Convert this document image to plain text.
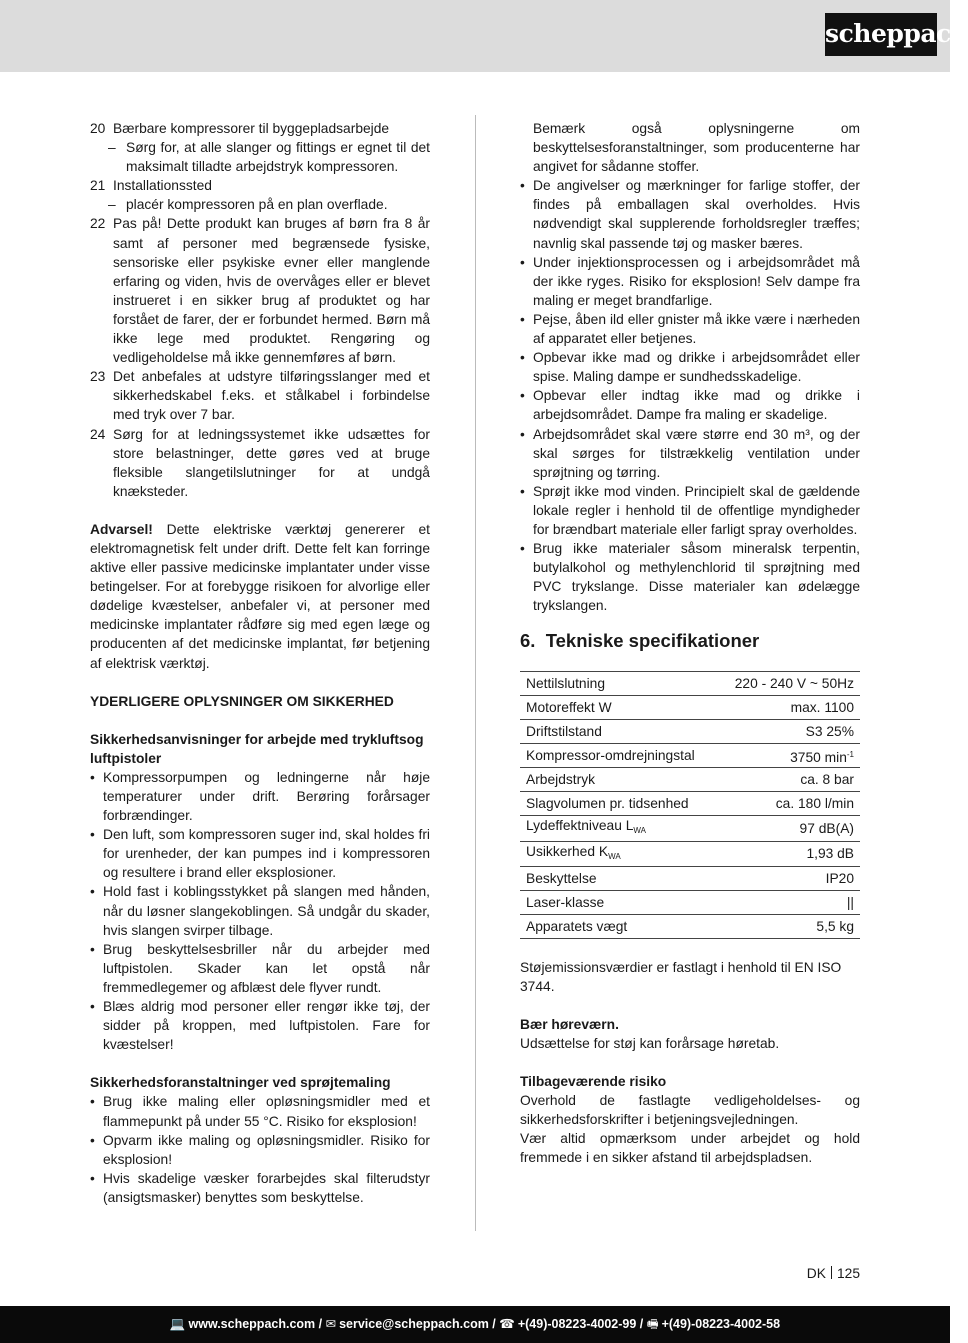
scheppach
20 Bærbare kompressorer til byggepladsarbejde
– Sørg for, at alle slanger og fittings er egnet til det maksimalt tilladte arbejdstryk kompressoren.
21 Installationssted
– placér kompressoren på en plan overflade.
22 Pas på! Dette produkt kan bruges af børn fra 8 år samt af personer med begrænsede fysiske, sensoriske eller psykiske evner eller manglende erfaring og viden, hvis de overvåges eller er blevet instrueret i en sikker brug af produktet og har forstået de farer, der er forbundet hermed. Børn må ikke lege med produktet. Rengøring og vedligeholdelse må ikke gennemføres af børn.
23 Det anbefales at udstyre tilføringsslanger med et sikkerhedskabel f.eks. et stålkabel i forbindelse med tryk over 7 bar.
24 Sørg for at ledningssystemet ikke udsættes for store belastninger, dette gøres ved at bruge fleksible slangetilslutninger for at undgå knæksteder.

Advarsel! Dette elektriske værktøj genererer et elektromagnetisk felt under drift. Dette felt kan forringe aktive eller passive medicinske implantater under visse betingelser. For at forebygge risikoen for alvorlige eller dødelige kvæstelser, anbefaler vi, at personer med medicinske implantater rådføre sig med egen læge og producenten af det medicinske implantat, før betjening af elektrisk værktøj.

YDERLIGERE OPLYSNINGER OM SIKKERHED

Sikkerhedsanvisninger for arbejde med trykluftsog luftpistoler

• Kompressorpumpen og ledningerne når høje temperaturer under drift. Berøring forårsager forbrændinger.
• Den luft, som kompressoren suger ind, skal holdes fri for urenheder, der kan pumpes ind i kompressoren og resultere i brand eller eksplosioner.
• Hold fast i koblingsstykket på slangen med hånden, når du løsner slangekoblingen. Så undgår du skader, hvis slangen svirper tilbage.
• Brug beskyttelsesbriller når du arbejder med luftpistolen. Skader kan let opstå når fremmedlegemer og afblæst dele flyver rundt.
• Blæs aldrig mod personer eller rengør ikke tøj, der sidder på kroppen, med luftpistolen. Fare for kvæstelser!

Sikkerhedsforanstaltninger ved sprøjtemaling

• Brug ikke maling eller opløsningsmidler med et flammepunkt på under 55 °C. Risiko for eksplosion!
• Opvarm ikke maling og opløsningsmidler. Risiko for eksplosion!
• Hvis skadelige væsker forarbejdes skal filterudstyr (ansigtsmasker) benyttes som beskyttelse.

Bemærk også oplysningerne om beskyttelsesforanstaltninger, som producenterne har angivet for sådanne stoffer.

• De angivelser og mærkninger for farlige stoffer, der findes på emballagen skal overholdes. Hvis nødvendigt skal supplerende forholdsregler træffes; navnlig skal passende tøj og masker bæres.
• Under injektionsprocessen og i arbejdsområdet må der ikke ryges. Risiko for eksplosion! Selv dampe fra maling er meget brandfarlige.
• Pejse, åben ild eller gnister må ikke være i nærheden af apparatet eller betjenes.
• Opbevar ikke mad og drikke i arbejdsområdet eller spise. Maling dampe er sundhedsskadelige.
• Opbevar eller indtag ikke mad og drikke i arbejdsområdet. Dampe fra maling er skadelige.
• Arbejdsområdet skal være større end 30 m³, og der skal sørges for tilstrækkelig ventilation under sprøjtning og tørring.
• Sprøjt ikke mod vinden. Principielt skal de gældende lokale regler i henhold til de offentlige myndigheder for brændbart materiale eller farligt spray overholdes.
• Brug ikke materialer såsom mineralsk terpentin, butylalkohol og methylenchlorid til sprøjtning med PVC trykslange. Disse materialer kan ødelægge trykslangen.
6. Tekniske specifikationer
Nettilslutning	220 - 240 V ~ 50Hz
Motoreffekt W	max. 1100
Driftstilstand	S3 25%
Kompressor-omdrejningstal	3750 $\min^{-1}$
Arbejdstryk	ca. 8 bar
Slagvolumen pr. tidsenhed	ca. 180 l/min
Lydeffektniveau $L_{WA}$	97 dB(A)
Usikkerhed $K_{WA}$	1,93 dB
Beskyttelse	IP20
Laser-klasse	||
Apparatets vægt	5,5 kg

Støjemissionsværdier er fastlagt i henhold til EN ISO 3744.

Bær høreværn.

Udsættelse for støj kan forårsage høretab.

Tilbageværende risiko

Overhold de fastlagte vedligeholdelses- og sikkerhedsforskrifter i betjeningsvejledningen.

Vær altid opmærksom under arbejdet og hold fremmede i en sikker afstand til arbejdspladsen.

DK 125
💻 www.scheppach.com / ✉ service@scheppach.com / ☎ +(49)-08223-4002-99 / 🖷 +(49)-08223-4002-58
